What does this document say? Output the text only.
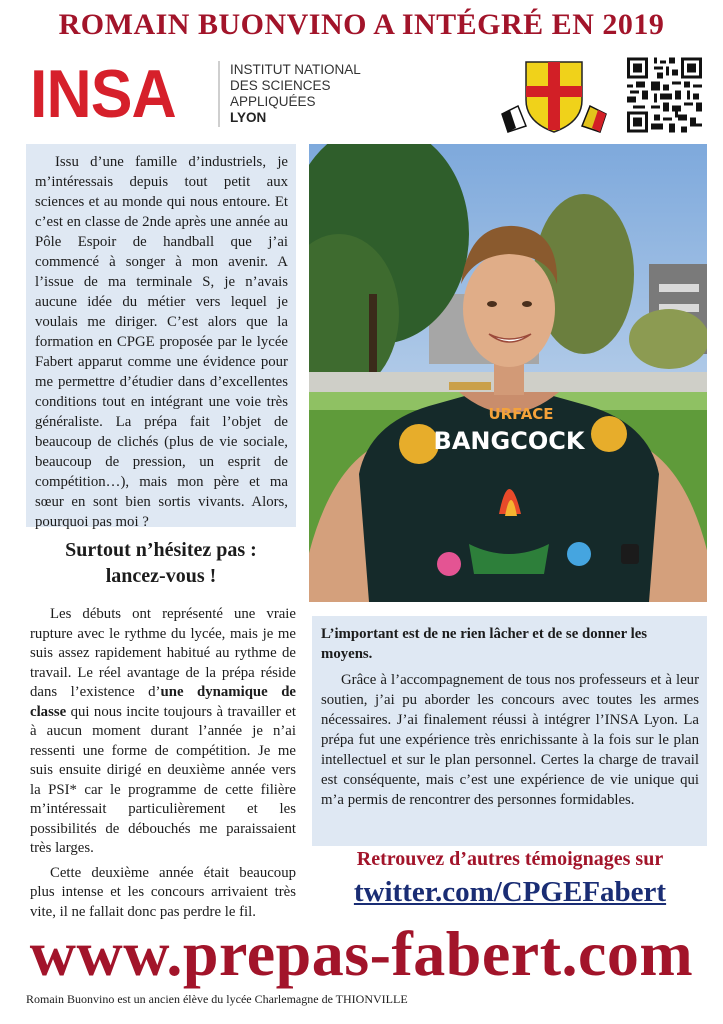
ROMAIN BUONVINO A INTÉGRÉ EN 2019
INSA	INSTITUT NATIONAL
DES SCIENCES
APPLIQUÉES
LYON

Issu d’une famille d’industriels, je m’intéressais depuis tout petit aux sciences et au monde qui nous entoure. Et c’est en classe de 2nde après une année au Pôle Espoir de handball que j’ai commencé à songer à mon avenir. A l’issue de ma terminale S, je n’avais aucune idée du métier vers lequel je voulais me diriger. C’est alors que la formation en CPGE proposée par le lycée Fabert apparut comme une évidence pour me permettre d’étudier dans d’excellentes conditions tout en intégrant une voie très généraliste. La prépa fait l’objet de beaucoup de clichés (plus de vie sociale, beaucoup de pression, un esprit de compétition…), mais mon père et ma sœur en sont bien sortis vivants. Alors, pourquoi pas moi ?

URFACE
BANGCOCK
Surtout n’hésitez pas :
lancez-vous !

Les débuts ont représenté une vraie rupture avec le rythme du lycée, mais je me suis assez rapidement habitué au rythme de travail. Le réel avantage de la prépa réside dans l’existence d’une dynamique de classe qui nous incite toujours à travailler et à aucun moment durant l’année je n’ai ressenti une forme de compétition. Je me suis ensuite dirigé en deuxième année vers la PSI* car le programme de cette filière m’intéressait particulièrement et les possibilités de débouchés me paraissaient très larges.

Cette deuxième année était beaucoup plus intense et les concours arrivaient très vite, il ne fallait donc pas perdre le fil.

L’important est de ne rien lâcher et de se donner les moyens.

Grâce à l’accompagnement de tous nos professeurs et à leur soutien, j’ai pu aborder les concours avec toutes les armes nécessaires. J’ai finalement réussi à intégrer l’INSA Lyon. La prépa fut une expérience très enrichissante à la fois sur le plan intellectuel et sur le plan personnel. Certes la charge de travail est conséquente, mais c’est une expérience de vie unique qui m’a permis de rencontrer des personnes formidables.

Retrouvez d’autres témoignages sur
twitter.com/CPGEFabert
www.prepas-fabert.com
Romain Buonvino est un ancien élève du lycée Charlemagne de THIONVILLE
